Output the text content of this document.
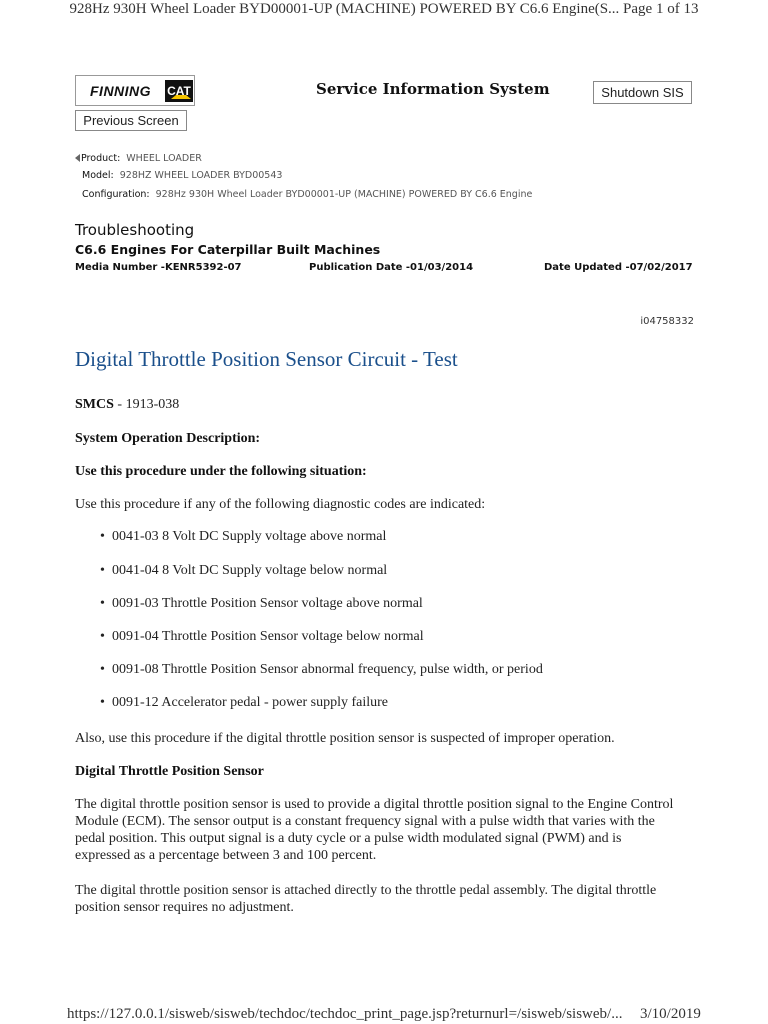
928Hz 930H Wheel Loader BYD00001-UP (MACHINE) POWERED BY C6.6 Engine(S... Page 1 of 13
FINNING CAT	Service Information System	Shutdown SIS
Previous Screen
Product: WHEEL LOADER
Model: 928HZ WHEEL LOADER BYD00543
Configuration: 928Hz 930H Wheel Loader BYD00001-UP (MACHINE) POWERED BY C6.6 Engine
Troubleshooting
C6.6 Engines For Caterpillar Built Machines
Media Number -KENR5392-07	Publication Date -01/03/2014	Date Updated -07/02/2017
i04758332
Digital Throttle Position Sensor Circuit - Test
SMCS - 1913-038
System Operation Description:
Use this procedure under the following situation:
Use this procedure if any of the following diagnostic codes are indicated:
• 0041-03 8 Volt DC Supply voltage above normal
• 0041-04 8 Volt DC Supply voltage below normal
• 0091-03 Throttle Position Sensor voltage above normal
• 0091-04 Throttle Position Sensor voltage below normal
• 0091-08 Throttle Position Sensor abnormal frequency, pulse width, or period
• 0091-12 Accelerator pedal - power supply failure
Also, use this procedure if the digital throttle position sensor is suspected of improper operation.
Digital Throttle Position Sensor
The digital throttle position sensor is used to provide a digital throttle position signal to the Engine Control Module (ECM). The sensor output is a constant frequency signal with a pulse width that varies with the pedal position. This output signal is a duty cycle or a pulse width modulated signal (PWM) and is expressed as a percentage between 3 and 100 percent.
The digital throttle position sensor is attached directly to the throttle pedal assembly. The digital throttle position sensor requires no adjustment.
https://127.0.0.1/sisweb/sisweb/techdoc/techdoc_print_page.jsp?returnurl=/sisweb/sisweb/... 3/10/2019
